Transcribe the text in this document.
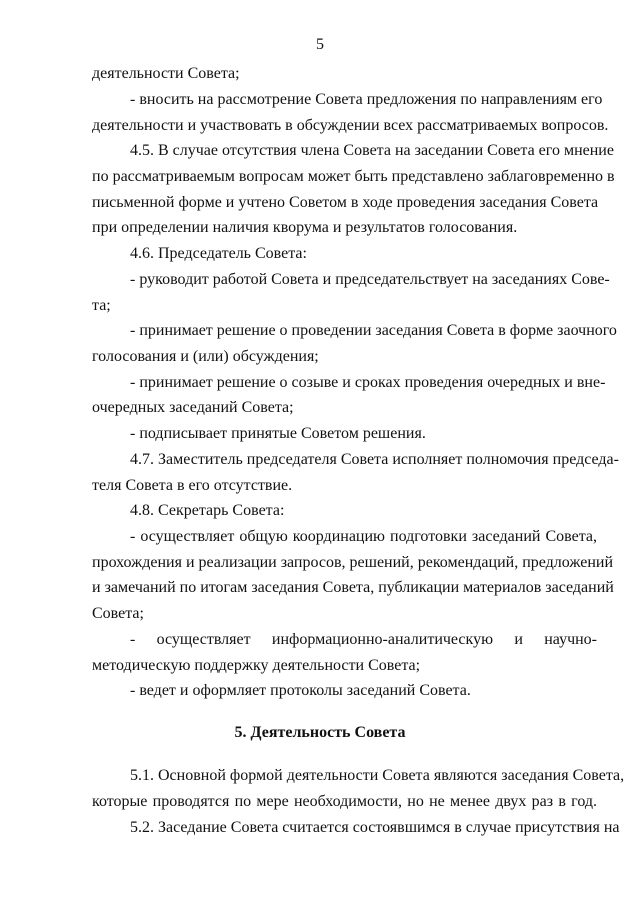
5
деятельности Совета;
- вносить на рассмотрение Совета предложения по направлениям его
деятельности и участвовать в обсуждении всех рассматриваемых вопросов.
4.5. В случае отсутствия члена Совета на заседании Совета его мнение
по рассматриваемым вопросам может быть представлено заблаговременно в
письменной форме и учтено Советом в ходе проведения заседания Совета
при определении наличия кворума и результатов голосования.
4.6. Председатель Совета:
- руководит работой Совета и председательствует на заседаниях Сове-
та;
- принимает решение о проведении заседания Совета в форме заочного
голосования и (или) обсуждения;
- принимает решение о созыве и сроках проведения очередных и вне-
очередных заседаний Совета;
- подписывает принятые Советом решения.
4.7. Заместитель председателя Совета исполняет полномочия председа-
теля Совета в его отсутствие.
4.8. Секретарь Совета:
- осуществляет общую координацию подготовки заседаний Совета,
прохождения и реализации запросов, решений, рекомендаций, предложений
и замечаний по итогам заседания Совета, публикации материалов заседаний
Совета;
- осуществляет информационно-аналитическую и научно-
методическую поддержку деятельности Совета;
- ведет и оформляет протоколы заседаний Совета.
5. Деятельность Совета
5.1. Основной формой деятельности Совета являются заседания Совета,
которые проводятся по мере необходимости, но не менее двух раз в год.
5.2. Заседание Совета считается состоявшимся в случае присутствия на
